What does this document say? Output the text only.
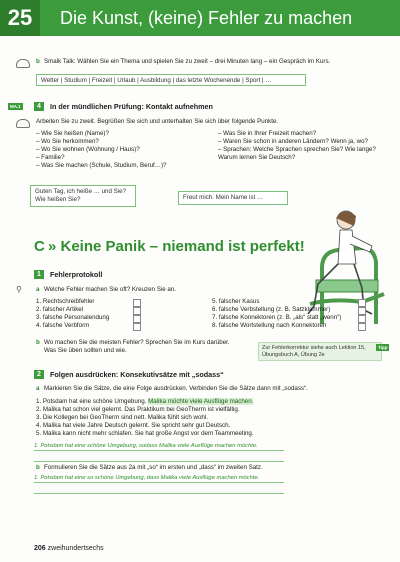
25	Die Kunst, (keine) Fehler zu machen
b Smalk Talk: Wählen Sie ein Thema und spielen Sie zu zweit – drei Minuten lang – ein Gespräch im Kurs.
Wetter | Studium | Freizeit | Urlaub | Ausbildung | das letzte Wochenende | Sport | …
MA.1	4	In der mündlichen Prüfung: Kontakt aufnehmen
Arbeiten Sie zu zweit. Begrüßen Sie sich und unterhalten Sie sich über folgende Punkte.
– Wie Sie heißen (Name)?
– Wo Sie herkommen?
– Wo Sie wohnen (Wohnung / Haus)?
– Familie?
– Was Sie machen (Schule, Studium, Beruf…)?
– Was Sie in Ihrer Freizeit machen?
– Waren Sie schon in anderen Ländern? Wenn ja, wo?
– Sprachen: Welche Sprachen sprechen Sie? Wie lange?
Warum lernen Sie Deutsch?
Guten Tag, ich heiße … und Sie?
Wie heißen Sie?	Freut mich. Mein Name ist …
C » Keine Panik – niemand ist perfekt!
1	Fehlerprotokoll
⚲ a Welche Fehler machen Sie oft? Kreuzen Sie an.
1. Rechtschreibfehler
2. falscher Artikel
3. falsche Personalendung
4. falsche Verbform
5. falscher Kasus
6. falsche Verbstellung (z. B. Satzklammer)
7. falsche Konnektoren (z. B. „als“ statt „wenn“)
8. falsche Wortstellung nach Konnektoren
b Wo machen Sie die meisten Fehler? Sprechen Sie im Kurs darüber.
Was Sie üben sollten und wie.	Zur Fehlerkorrektur siehe auch Lektion 15,
Übungsbuch A, Übung 2e
Tipp
2	Folgen ausdrücken: Konsekutivsätze mit „sodass“
a Markieren Sie die Sätze, die eine Folge ausdrücken. Verbinden Sie die Sätze dann mit „sodass“.
1. Potsdam hat eine schöne Umgebung. Malika möchte viele Ausflüge machen.
2. Malika hat schon viel gelernt. Das Praktikum bei GeoTherm ist vielfältig.
3. Die Kollegen bei GeoTherm sind nett. Malika fühlt sich wohl.
4. Malika hat viele Jahre Deutsch gelernt. Sie spricht sehr gut Deutsch.
5. Malika kann nicht mehr schlafen. Sie hat große Angst vor dem Teammeeting.
1. Potsdam hat eine schöne Umgebung, sodass Malika viele Ausflüge machen möchte.
b Formulieren Sie die Sätze aus 2a mit „so“ im ersten und „dass“ im zweiten Satz.
1. Potsdam hat eine so schöne Umgebung, dass Malika viele Ausflüge machen möchte.
206 zweihundertsechs
